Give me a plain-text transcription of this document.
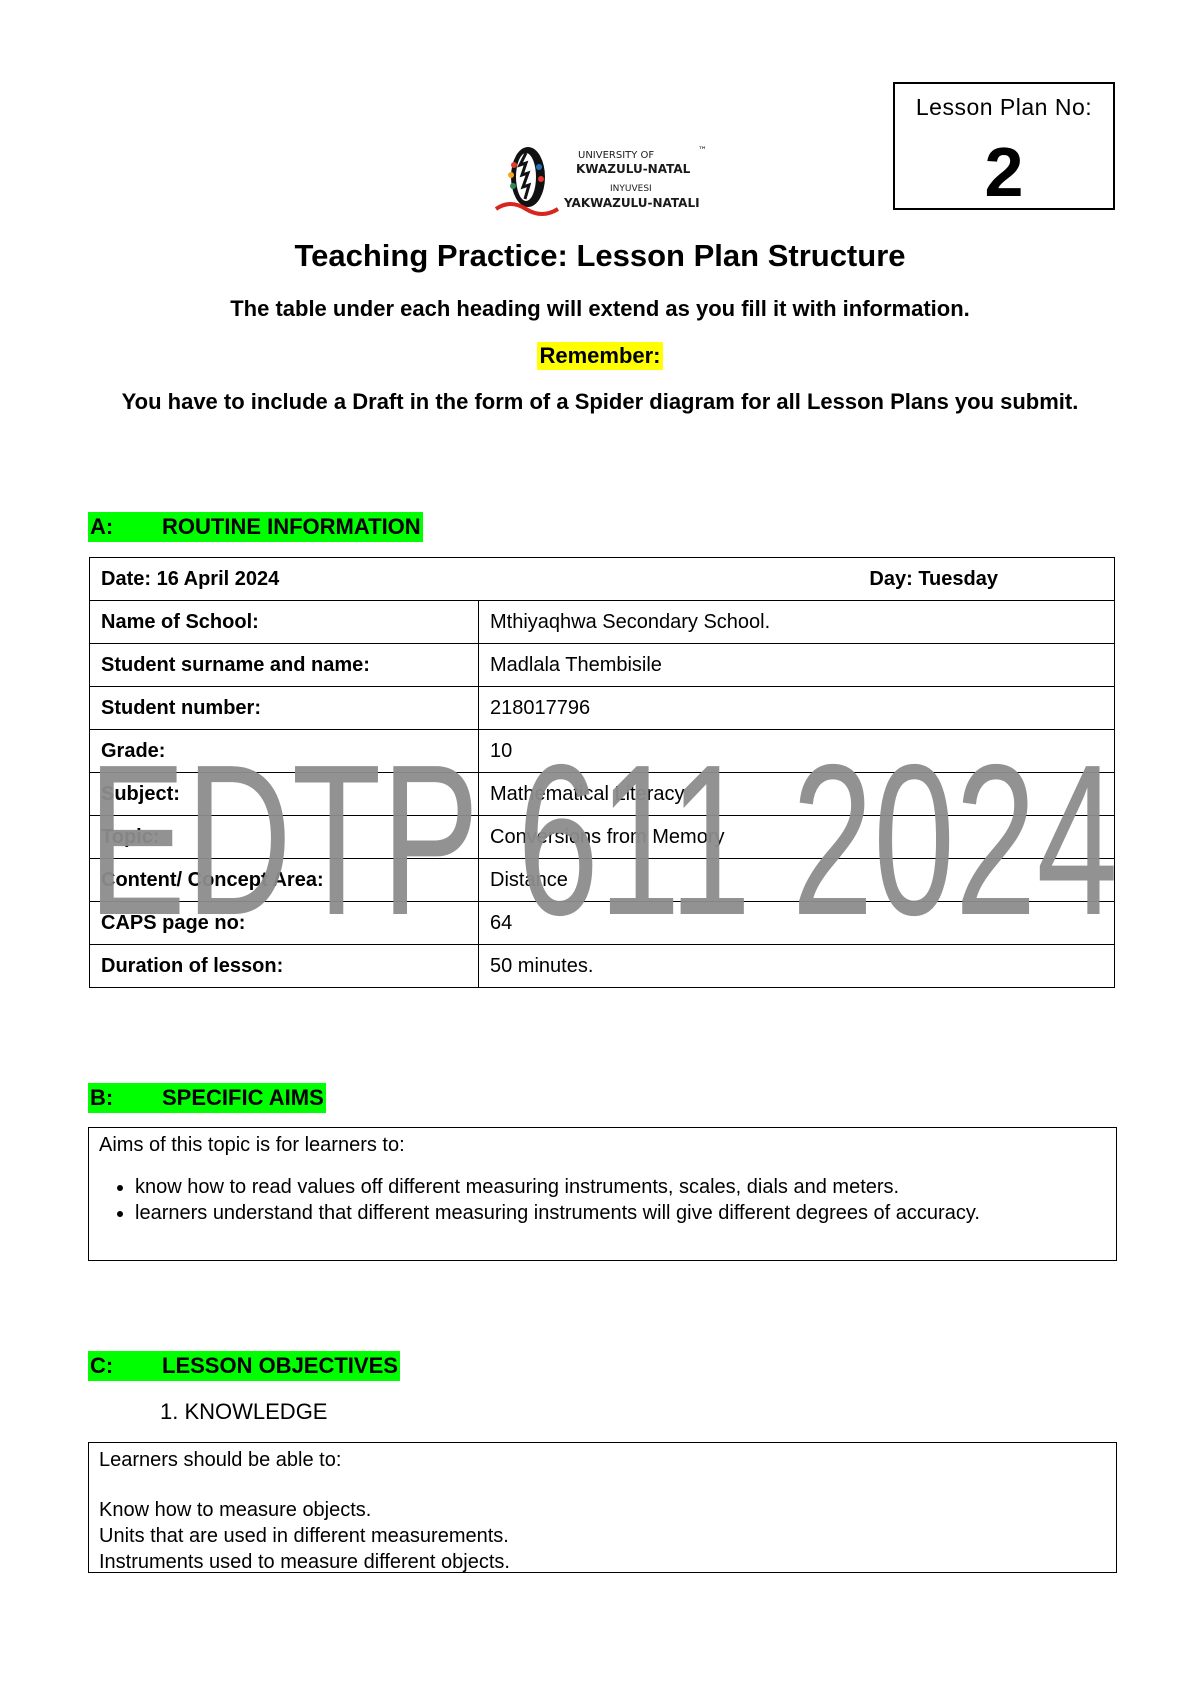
Lesson Plan No:
2
UNIVERSITY OF	™
KWAZULU-NATAL
INYUVESI
YAKWAZULU-NATALI
Teaching Practice: Lesson Plan Structure
The table under each heading will extend as you fill it with information.
Remember:
You have to include a Draft in the form of a Spider diagram for all Lesson Plans you submit.
A:	ROUTINE INFORMATION
Date: 16 April 2024 Day: Tuesday	

Name of School:	Mthiyaqhwa Secondary School.
Student surname and name:	Madlala Thembisile
Student number:	218017796
Grade:	10
Subject:	Mathematical Literacy
Topic:	Conversions from Memory
Content/ Concept Area:	Distance
CAPS page no:	64
Duration of lesson:	50 minutes.
EDTP 611 2024
B:	SPECIFIC AIMS
Aims of this topic is for learners to:
• know how to read values off different measuring instruments, scales, dials and meters.
• learners understand that different measuring instruments will give different degrees of accuracy.
C:	LESSON OBJECTIVES
1. KNOWLEDGE
Learners should be able to:
Know how to measure objects.
Units that are used in different measurements.
Instruments used to measure different objects.
